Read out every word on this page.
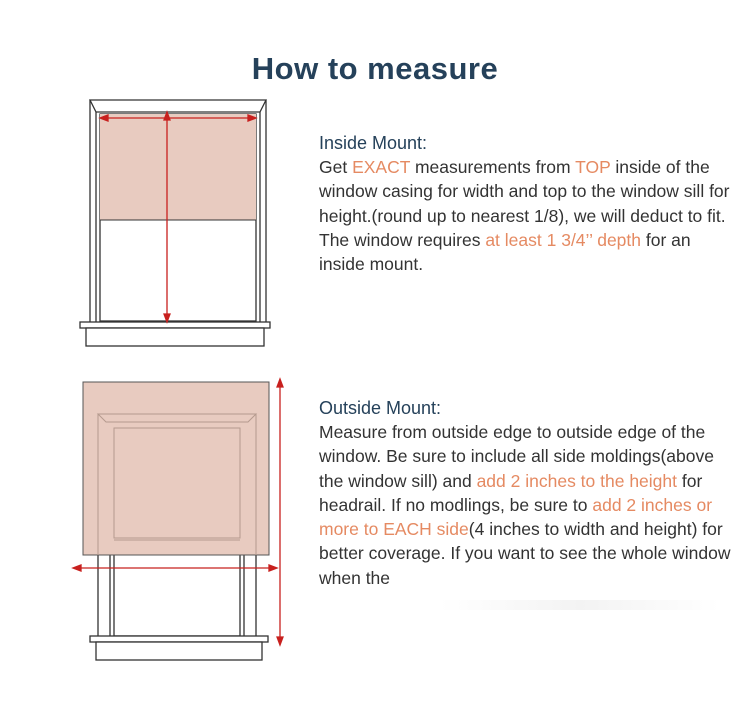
How to measure
Inside Mount:
Get EXACT measurements from TOP inside of the window casing for width and top to the window sill for height.(round up to nearest 1/8), we will deduct to fit. The window requires at least 1 3/4’’ depth for an inside mount.
Outside Mount:
Measure from outside edge to outside edge of the window. Be sure to include all side moldings(above the window sill) and add 2 inches to the height for headrail. If no modlings, be sure to add 2 inches or more to EACH side(4 inches to width and height) for better coverage. If you want to see the whole window when the
